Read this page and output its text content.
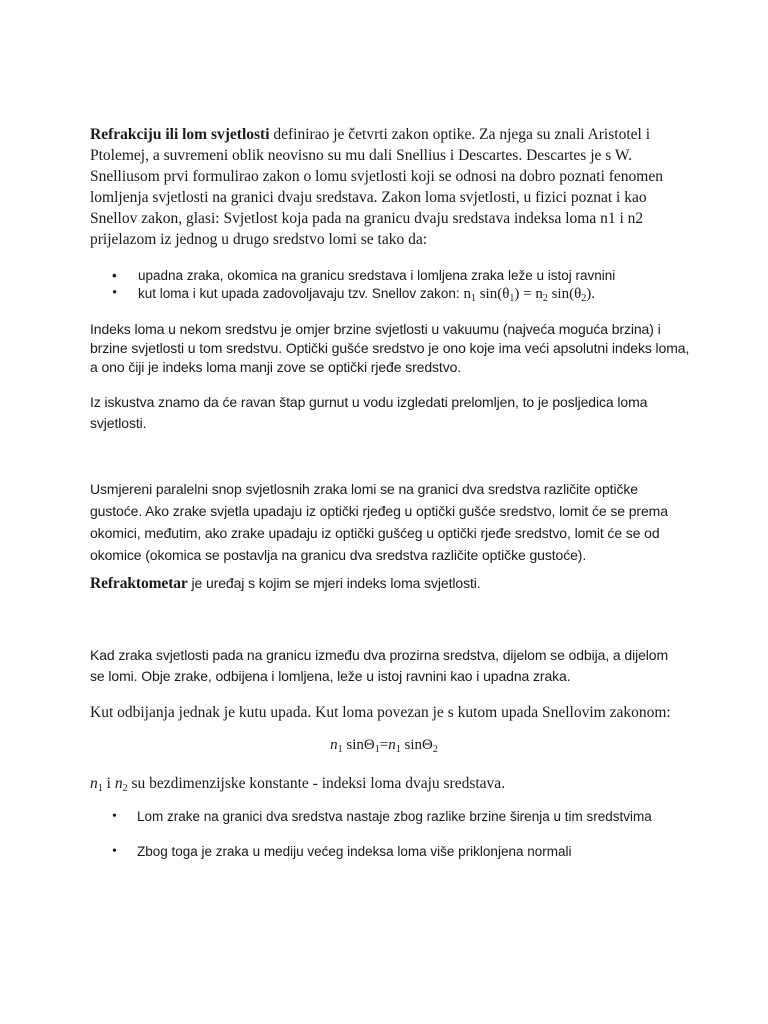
Refrakciju ili lom svjetlosti definirao je četvrti zakon optike. Za njega su znali Aristotel i Ptolemej, a suvremeni oblik neovisno su mu dali Snellius i Descartes. Descartes je s W. Snelliusom prvi formulirao zakon o lomu svjetlosti koji se odnosi na dobro poznati fenomen lomljenja svjetlosti na granici dvaju sredstava. Zakon loma svjetlosti, u fizici poznat i kao Snellov zakon, glasi: Svjetlost koja pada na granicu dvaju sredstava indeksa loma n1 i n2 prijelazom iz jednog u drugo sredstvo lomi se tako da:

• upadna zraka, okomica na granicu sredstava i lomljena zraka leže u istoj ravnini
• kut loma i kut upada zadovoljavaju tzv. Snellov zakon: $n_1$ $\sin(\theta_1) = n_2$ $\sin(\theta_2)$.

Indeks loma u nekom sredstvu je omjer brzine svjetlosti u vakuumu (najveća moguća brzina) i brzine svjetlosti u tom sredstvu. Optički gušće sredstvo je ono koje ima veći apsolutni indeks loma, a ono čiji je indeks loma manji zove se optički rjeđe sredstvo.

Iz iskustva znamo da će ravan štap gurnut u vodu izgledati prelomljen, to je posljedica loma svjetlosti.

Usmjereni paralelni snop svjetlosnih zraka lomi se na granici dva sredstva različite optičke gustoće. Ako zrake svjetla upadaju iz optički rjeđeg u optički gušće sredstvo, lomit će se prema okomici, međutim, ako zrake upadaju iz optički gušćeg u optički rjeđe sredstvo, lomit će se od okomice (okomica se postavlja na granicu dva sredstva različite optičke gustoće).

Refraktometar je uređaj s kojim se mjeri indeks loma svjetlosti.

Kad zraka svjetlosti pada na granicu između dva prozirna sredstva, dijelom se odbija, a dijelom se lomi. Obje zrake, odbijena i lomljena, leže u istoj ravnini kao i upadna zraka.

Kut odbijanja jednak je kutu upada. Kut loma povezan je s kutom upada Snellovim zakonom:

$n_1$ $\sin\Theta_1=n_1$ sinΘ$_2$

$n_1$ i $n_2$ su bezdimenzijske konstante - indeksi loma dvaju sredstava.

• Lom zrake na granici dva sredstva nastaje zbog razlike brzine širenja u tim sredstvima
• Zbog toga je zraka u mediju većeg indeksa loma više priklonjena normali
